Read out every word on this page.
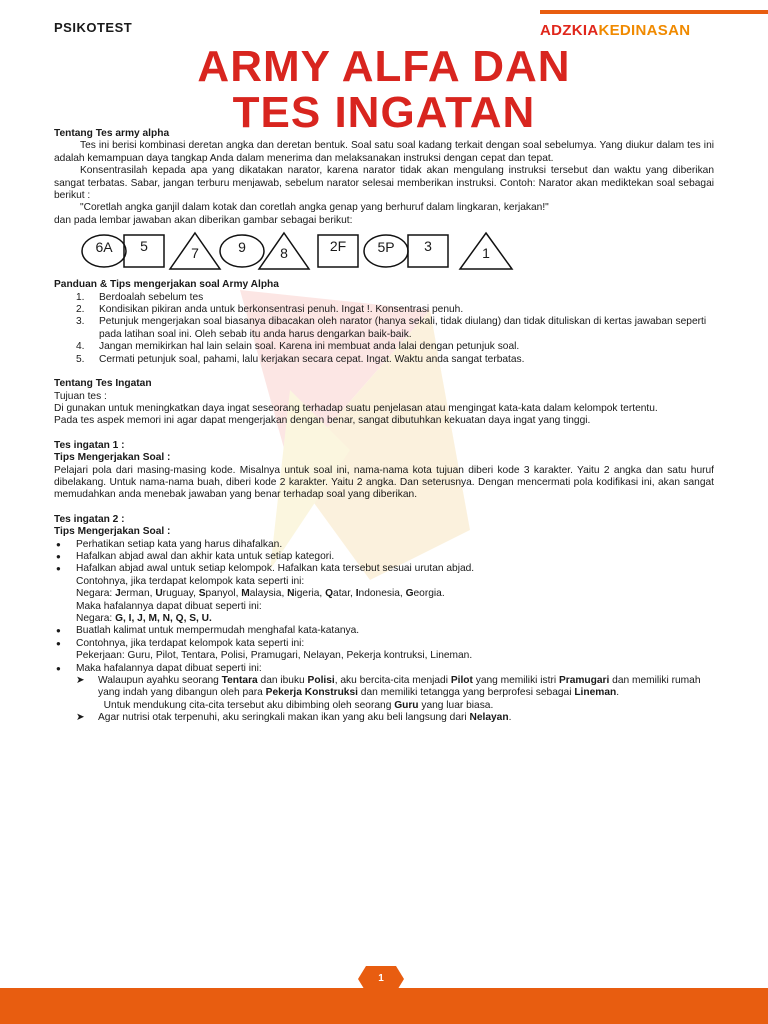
PSIKOTEST	ADZKIAKEDINASAN
ARMY ALFA DAN
TES INGATAN

Tentang Tes army alpha

Tes ini berisi kombinasi deretan angka dan deretan bentuk. Soal satu soal kadang terkait dengan soal sebelumya. Yang diukur dalam tes ini adalah kemampuan daya tangkap Anda dalam menerima dan melaksanakan instruksi dengan cepat dan tepat.

Konsentrasilah kepada apa yang dikatakan narator, karena narator tidak akan mengulang instruksi tersebut dan waktu yang diberikan sangat terbatas. Sabar, jangan terburu menjawab, sebelum narator selesai memberikan instruksi. Contoh: Narator akan mediktekan soal sebagai berikut :

"Coretlah angka ganjil dalam kotak dan coretlah angka genap yang berhuruf dalam lingkaran, kerjakan!"

dan pada lembar jawaban akan diberikan gambar sebagai berikut:

6A	5	7	9	8	2F	5P	3	1

Panduan & Tips mengerjakan soal Army Alpha

1. Berdoalah sebelum tes
2. Kondisikan pikiran anda untuk berkonsentrasi penuh. Ingat !. Konsentrasi penuh.
3. Petunjuk mengerjakan soal biasanya dibacakan oleh narator (hanya sekali, tidak diulang) dan tidak dituliskan di kertas jawaban seperti pada latihan soal ini. Oleh sebab itu anda harus dengarkan baik-baik.
4. Jangan memikirkan hal lain selain soal. Karena ini membuat anda lalai dengan petunjuk soal.
5. Cermati petunjuk soal, pahami, lalu kerjakan secara cepat. Ingat. Waktu anda sangat terbatas.

Tentang Tes Ingatan

Tujuan tes :

Di gunakan untuk meningkatkan daya ingat seseorang terhadap suatu penjelasan atau mengingat kata-kata dalam kelompok tertentu.

Pada tes aspek memori ini agar dapat mengerjakan dengan benar, sangat dibutuhkan kekuatan daya ingat yang tinggi.

Tes ingatan 1 :

Tips Mengerjakan Soal :

Pelajari pola dari masing-masing kode. Misalnya untuk soal ini, nama-nama kota tujuan diberi kode 3 karakter. Yaitu 2 angka dan satu huruf dibelakang. Untuk nama-nama buah, diberi kode 2 karakter. Yaitu 2 angka. Dan seterusnya. Dengan mencermati pola kodifikasi ini, akan sangat memudahkan anda menebak jawaban yang benar terhadap soal yang diberikan.

Tes ingatan 2 :

Tips Mengerjakan Soal :

● Perhatikan setiap kata yang harus dihafalkan.
● Hafalkan abjad awal dan akhir kata untuk setiap kategori.
● Hafalkan abjad awal untuk setiap kelompok. Hafalkan kata tersebut sesuai urutan abjad.
Contohnya, jika terdapat kelompok kata seperti ini:
Negara: Jerman, Uruguay, Spanyol, Malaysia, Nigeria, Qatar, Indonesia, Georgia.
Maka hafalannya dapat dibuat seperti ini:
Negara: G, I, J, M, N, Q, S, U.
● Buatlah kalimat untuk mempermudah menghafal kata-katanya.
● Contohnya, jika terdapat kelompok kata seperti ini:
Pekerjaan: Guru, Pilot, Tentara, Polisi, Pramugari, Nelayan, Pekerja kontruksi, Lineman.
● Maka hafalannya dapat dibuat seperti ini:
➤ Walaupun ayahku seorang Tentara dan ibuku Polisi, aku bercita-cita menjadi Pilot yang memiliki istri Pramugari dan memiliki rumah yang indah yang dibangun oleh para Pekerja Konstruksi dan memiliki tetangga yang berprofesi sebagai Lineman.
Untuk mendukung cita-cita tersebut aku dibimbing oleh seorang Guru yang luar biasa.
➤ Agar nutrisi otak terpenuhi, aku seringkali makan ikan yang aku beli langsung dari Nelayan.
1
